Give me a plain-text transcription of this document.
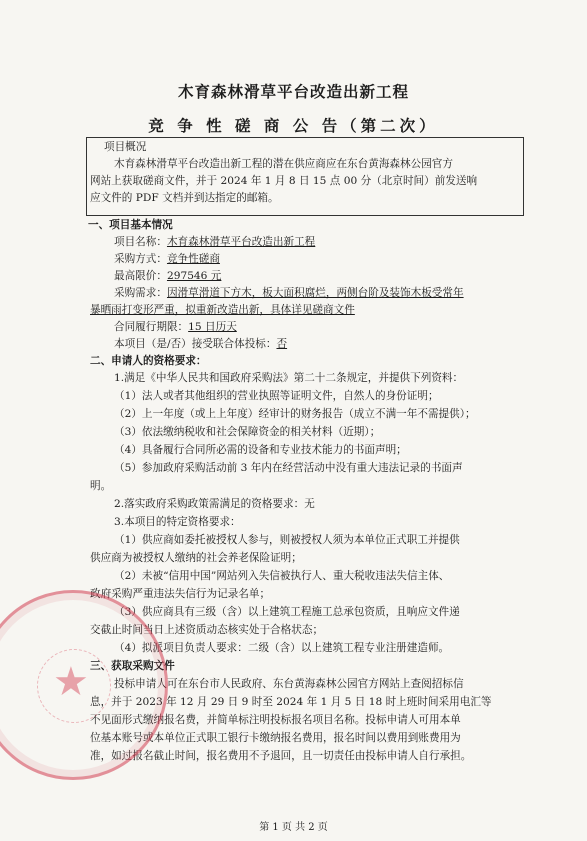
木育森林滑草平台改造出新工程
竞 争 性 磋 商 公 告（第二次）
项目概况
木育森林滑草平台改造出新工程的潜在供应商应在东台黄海森林公园官方
网站上获取磋商文件，并于 2024 年 1 月 8 日 15 点 00 分（北京时间）前发送响
应文件的 PDF 文档并到达指定的邮箱。
一、项目基本情况
项目名称：木育森林滑草平台改造出新工程
采购方式：竞争性磋商
最高限价：297546 元
采购需求：因滑草滑道下方木，板大面积腐烂，两侧台阶及装饰木板受常年
暴晒雨打变形严重，拟重新改造出新，具体详见磋商文件
合同履行期限：15 日历天
本项目（是/否）接受联合体投标：否
二、申请人的资格要求：
1.满足《中华人民共和国政府采购法》第二十二条规定，并提供下列资料：
（1）法人或者其他组织的营业执照等证明文件，自然人的身份证明；
（2）上一年度（或上上年度）经审计的财务报告（成立不满一年不需提供）；
（3）依法缴纳税收和社会保障资金的相关材料（近期）；
（4）具备履行合同所必需的设备和专业技术能力的书面声明；
（5）参加政府采购活动前 3 年内在经营活动中没有重大违法记录的书面声
明。
2.落实政府采购政策需满足的资格要求：无
3.本项目的特定资格要求：
（1）供应商如委托被授权人参与，则被授权人须为本单位正式职工并提供
供应商为被授权人缴纳的社会养老保险证明；
（2）未被“信用中国”网站列入失信被执行人、重大税收违法失信主体、
政府采购严重违法失信行为记录名单；
（3）供应商具有三级（含）以上建筑工程施工总承包资质，且响应文件递
交截止时间当日上述资质动态核实处于合格状态；
（4）拟派项目负责人要求：二级（含）以上建筑工程专业注册建造师。
三、获取采购文件
投标申请人可在东台市人民政府、东台黄海森林公园官方网站上查阅招标信
息，并于 2023 年 12 月 29 日 9 时至 2024 年 1 月 5 日 18 时上班时间采用电汇等
不见面形式缴纳报名费，并简单标注明投标报名项目名称。投标申请人可用本单
位基本账号或本单位正式职工银行卡缴纳报名费用，报名时间以费用到账费用为
准，如过报名截止时间，报名费用不予退回，且一切责任由投标申请人自行承担。
★
第 1 页 共 2 页
